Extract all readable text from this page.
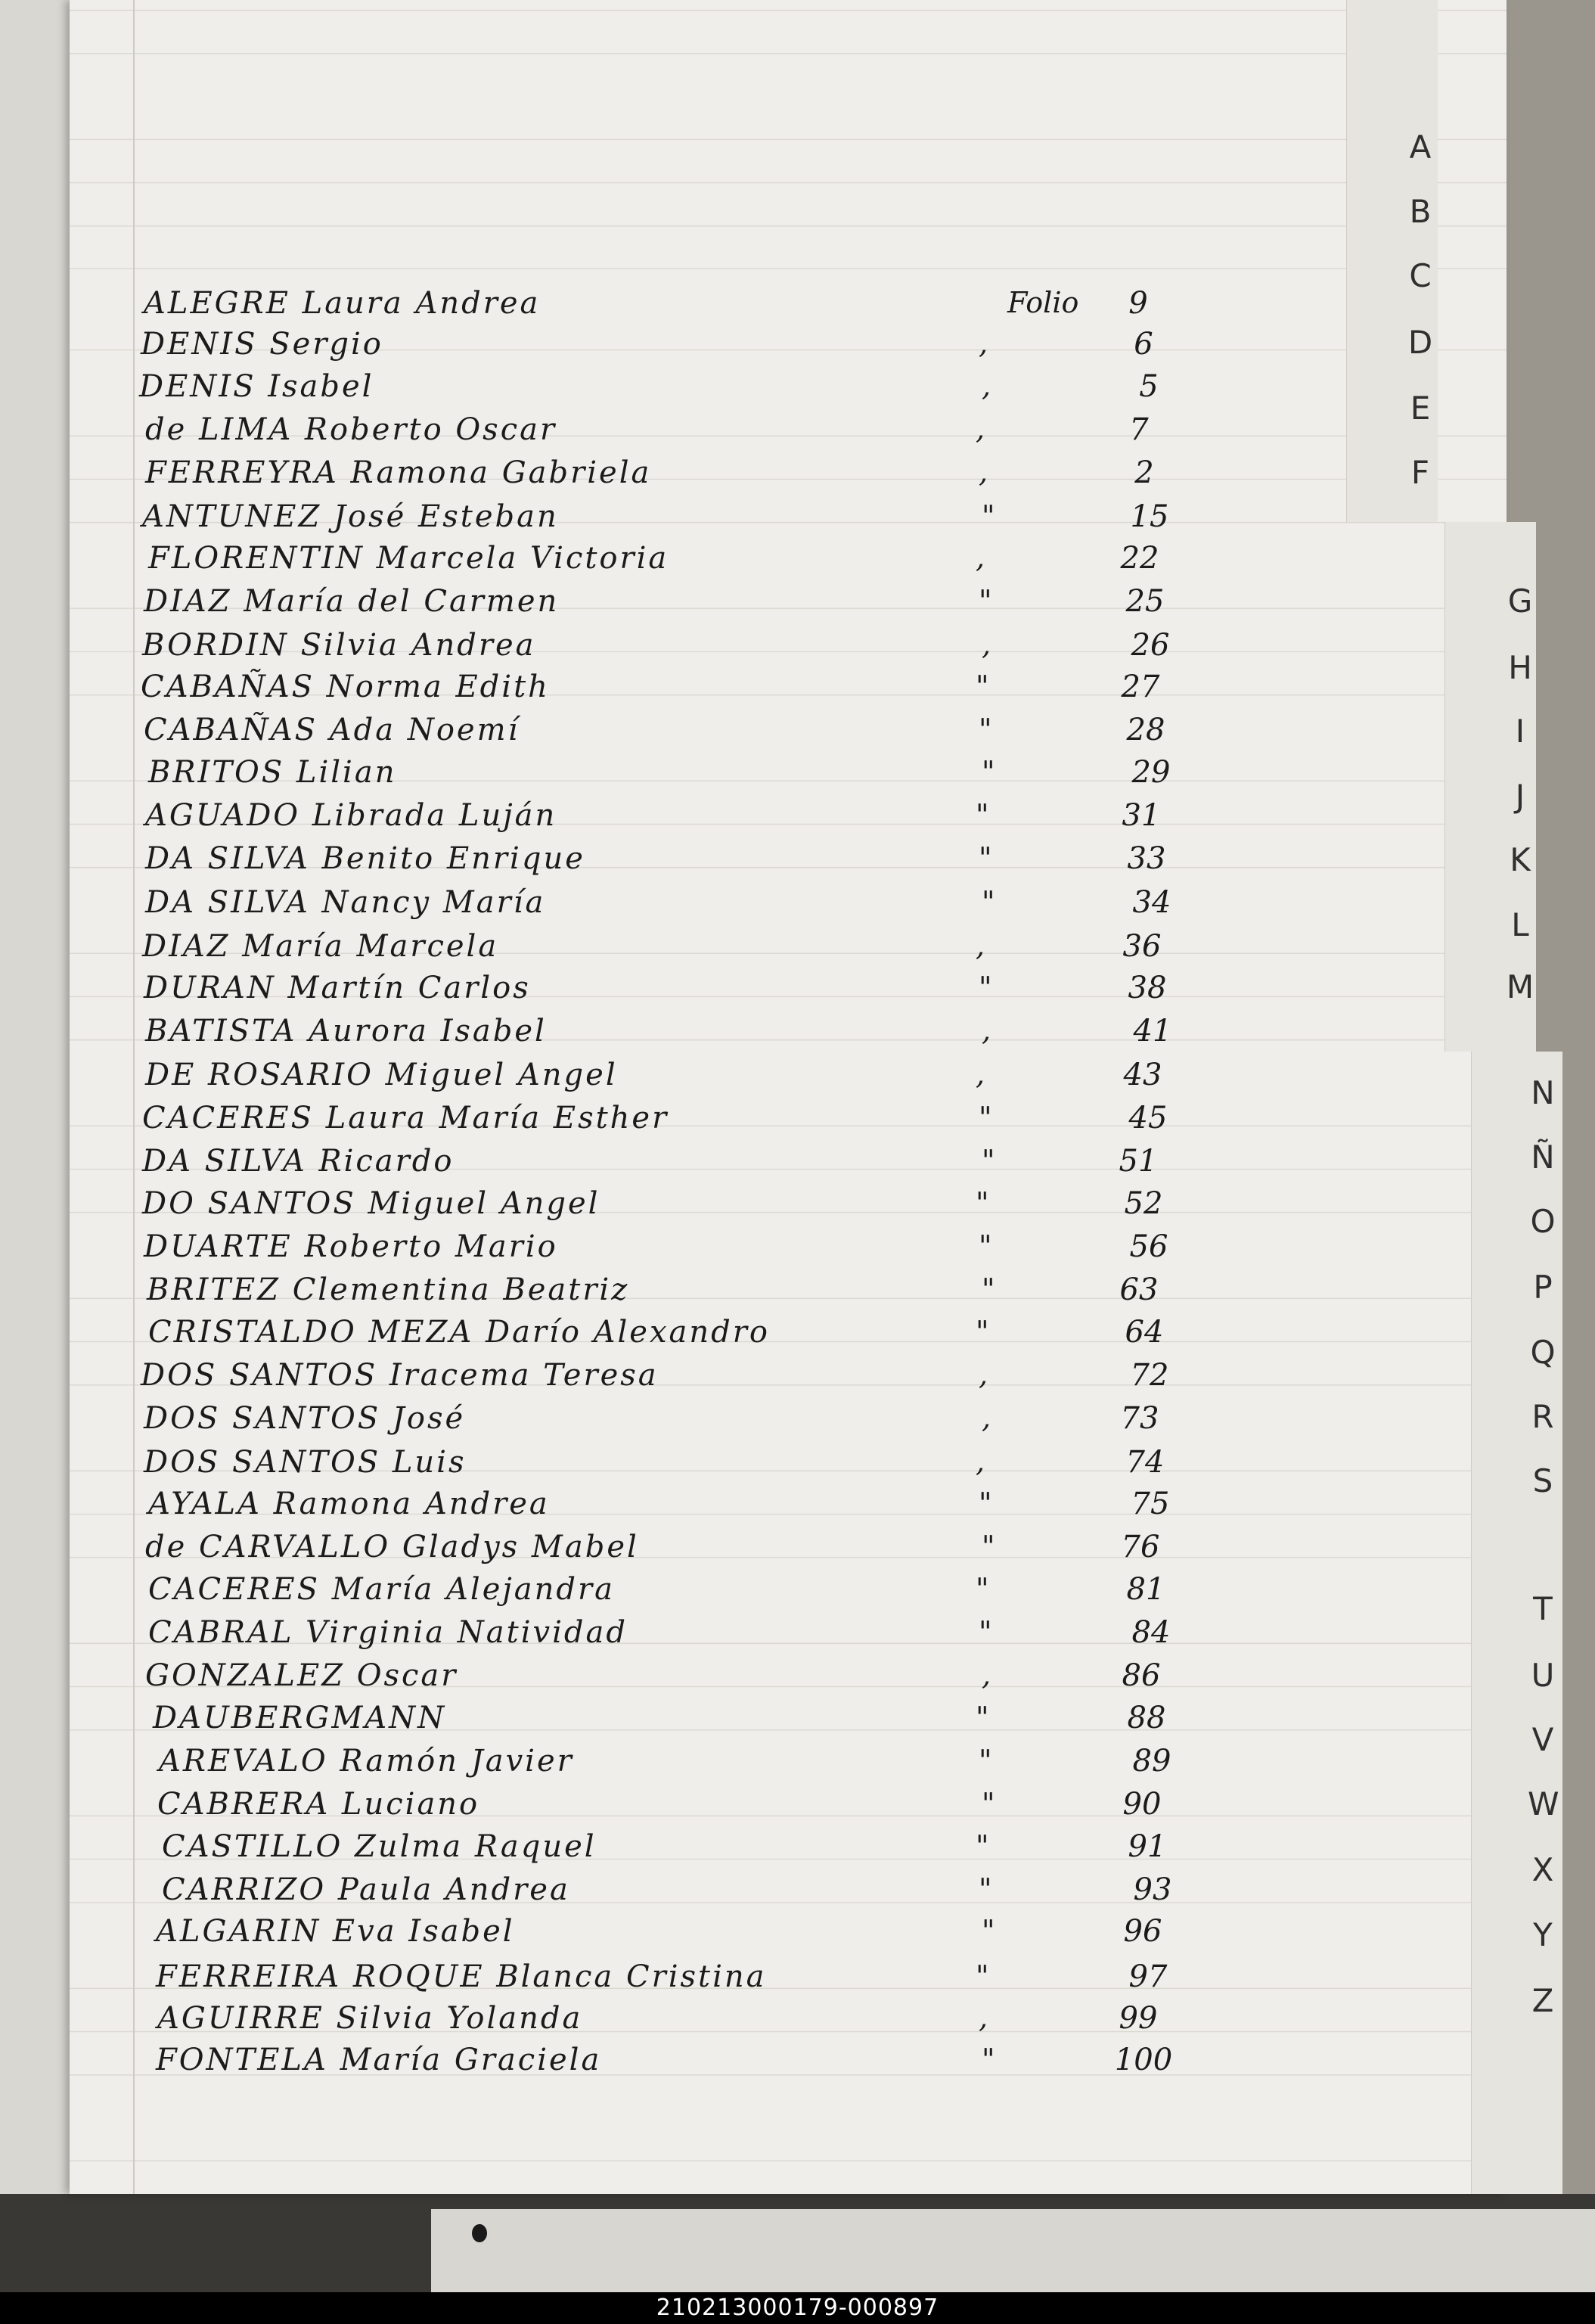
ALEGRE Laura Andrea	Folio	9
DENIS Sergio	,	6
DENIS Isabel	,	5
de LIMA Roberto Oscar	,	7
FERREYRA Ramona Gabriela	,	2
ANTUNEZ José Esteban	"	15
FLORENTIN Marcela Victoria	,	22
DIAZ María del Carmen	"	25
BORDIN Silvia Andrea	,	26
CABAÑAS Norma Edith	"	27
CABAÑAS Ada Noemí	"	28
BRITOS Lilian	"	29
AGUADO Librada Luján	"	31
DA SILVA Benito Enrique	"	33
DA SILVA Nancy María	"	34
DIAZ María Marcela	,	36
DURAN Martín Carlos	"	38
BATISTA Aurora Isabel	,	41
DE ROSARIO Miguel Angel	,	43
CACERES Laura María Esther	"	45
DA SILVA Ricardo	"	51
DO SANTOS Miguel Angel	"	52
DUARTE Roberto Mario	"	56
BRITEZ Clementina Beatriz	"	63
CRISTALDO MEZA Darío Alexandro	"	64
DOS SANTOS Iracema Teresa	,	72
DOS SANTOS José	,	73
DOS SANTOS Luis	,	74
AYALA Ramona Andrea	"	75
de CARVALLO Gladys Mabel	"	76
CACERES María Alejandra	"	81
CABRAL Virginia Natividad	"	84
GONZALEZ Oscar	,	86
DAUBERGMANN	"	88
AREVALO Ramón Javier	"	89
CABRERA Luciano	"	90
CASTILLO Zulma Raquel	"	91
CARRIZO Paula Andrea	"	93
ALGARIN Eva Isabel	"	96
FERREIRA ROQUE Blanca Cristina	"	97
AGUIRRE Silvia Yolanda	,	99
FONTELA María Graciela	"	100
A
B
C
D
E
F
G
H
I
J
K
L
M
N
Ñ
O
P
Q
R
S
T
U
V
W
X
Y
Z
210213000179-000897
